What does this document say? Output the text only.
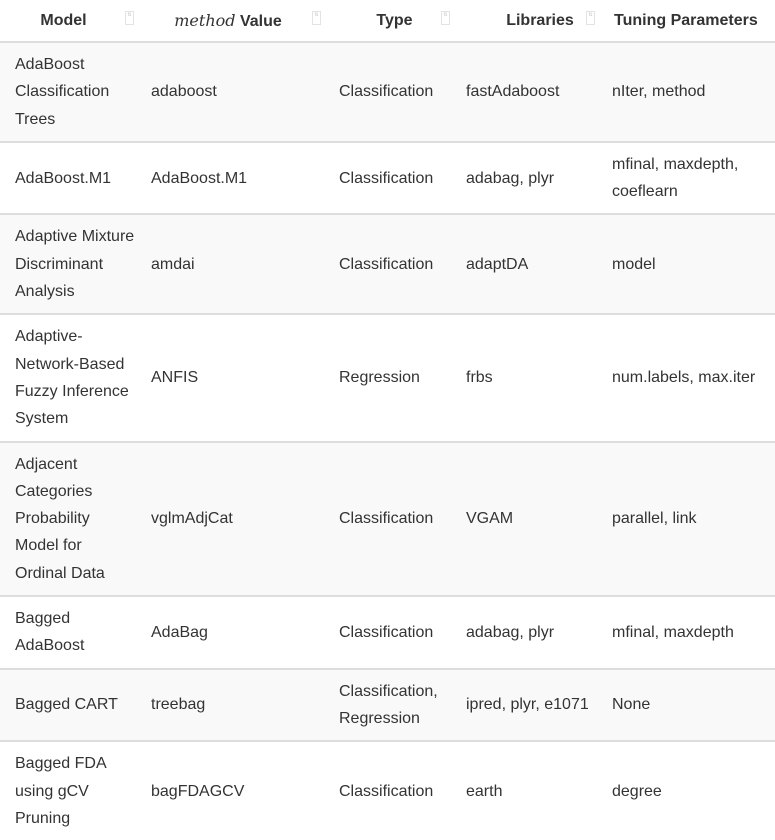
Model ⇅	method Value ⇅	Type ⇅	Libraries ⇅	Tuning Parameters
AdaBoost Classification Trees	adaboost	Classification	fastAdaboost	nIter, method
AdaBoost.M1	AdaBoost.M1	Classification	adabag, plyr	mfinal, maxdepth, coeflearn
Adaptive Mixture Discriminant Analysis	amdai	Classification	adaptDA	model
Adaptive-Network-Based Fuzzy Inference System	ANFIS	Regression	frbs	num.labels, max.iter
Adjacent Categories Probability Model for Ordinal Data	vglmAdjCat	Classification	VGAM	parallel, link
Bagged AdaBoost	AdaBag	Classification	adabag, plyr	mfinal, maxdepth
Bagged CART	treebag	Classification, Regression	ipred, plyr, e1071	None
Bagged FDA using gCV Pruning	bagFDAGCV	Classification	earth	degree
